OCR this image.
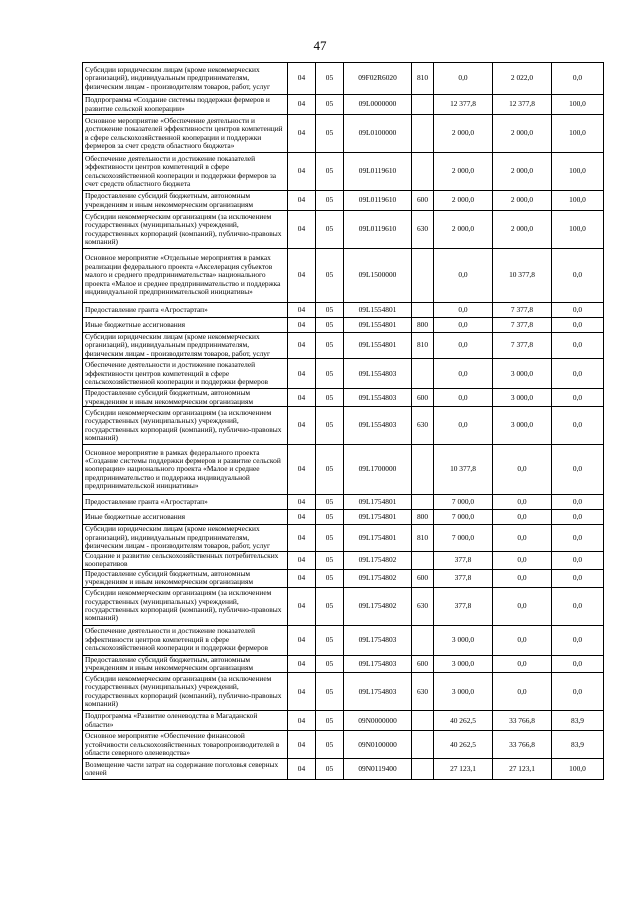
47
Субсидии юридическим лицам (кроме некоммерческих организаций), индивидуальным предпринимателям, физическим лицам - производителям товаров, работ, услуг	04	05	09F02R6020	810	0,0	2 022,0	0,0
Подпрограмма «Создание системы поддержки фермеров и развитие сельской кооперации»	04	05	09L0000000		12 377,8	12 377,8	100,0
Основное мероприятие «Обеспечение деятельности и достижение показателей эффективности центров компетенций в сфере сельскохозяйственной кооперации и поддержки фермеров за счет средств областного бюджета»	04	05	09L0100000		2 000,0	2 000,0	100,0
Обеспечение деятельности и достижение показателей эффективности центров компетенций в сфере сельскохозяйственной кооперации и поддержки фермеров за счет средств областного бюджета	04	05	09L0119610		2 000,0	2 000,0	100,0
Предоставление субсидий бюджетным, автономным учреждениям и иным некоммерческим организациям	04	05	09L0119610	600	2 000,0	2 000,0	100,0
Субсидии некоммерческим организациям (за исключением государственных (муниципальных) учреждений, государственных корпораций (компаний), публично-правовых компаний)	04	05	09L0119610	630	2 000,0	2 000,0	100,0
Основное мероприятие «Отдельные мероприятия в рамках реализации федерального проекта «Акселерация субъектов малого и среднего предпринимательства» национального проекта «Малое и среднее предпринимательство и поддержка индивидуальной предпринимательской инициативы»	04	05	09L1500000		0,0	10 377,8	0,0
Предоставление гранта «Агростартап»	04	05	09L1554801		0,0	7 377,8	0,0
Иные бюджетные ассигнования	04	05	09L1554801	800	0,0	7 377,8	0,0
Субсидии юридическим лицам (кроме некоммерческих организаций), индивидуальным предпринимателям, физическим лицам - производителям товаров, работ, услуг	04	05	09L1554801	810	0,0	7 377,8	0,0
Обеспечение деятельности и достижение показателей эффективности центров компетенций в сфере сельскохозяйственной кооперации и поддержки фермеров	04	05	09L1554803		0,0	3 000,0	0,0
Предоставление субсидий бюджетным, автономным учреждениям и иным некоммерческим организациям	04	05	09L1554803	600	0,0	3 000,0	0,0
Субсидии некоммерческим организациям (за исключением государственных (муниципальных) учреждений, государственных корпораций (компаний), публично-правовых компаний)	04	05	09L1554803	630	0,0	3 000,0	0,0
Основное мероприятие в рамках федерального проекта «Создание системы поддержки фермеров и развитие сельской кооперации» национального проекта «Малое и среднее предпринимательство и поддержка индивидуальной предпринимательской инициативы»	04	05	09L1700000		10 377,8	0,0	0,0
Предоставление гранта «Агростартап»	04	05	09L1754801		7 000,0	0,0	0,0
Иные бюджетные ассигнования	04	05	09L1754801	800	7 000,0	0,0	0,0
Субсидии юридическим лицам (кроме некоммерческих организаций), индивидуальным предпринимателям, физическим лицам - производителям товаров, работ, услуг	04	05	09L1754801	810	7 000,0	0,0	0,0
Создание и развитие сельскохозяйственных потребительских кооперативов	04	05	09L1754802		377,8	0,0	0,0
Предоставление субсидий бюджетным, автономным учреждениям и иным некоммерческим организациям	04	05	09L1754802	600	377,8	0,0	0,0
Субсидии некоммерческим организациям (за исключением государственных (муниципальных) учреждений, государственных корпораций (компаний), публично-правовых компаний)	04	05	09L1754802	630	377,8	0,0	0,0
Обеспечение деятельности и достижение показателей эффективности центров компетенций в сфере сельскохозяйственной кооперации и поддержки фермеров	04	05	09L1754803		3 000,0	0,0	0,0
Предоставление субсидий бюджетным, автономным учреждениям и иным некоммерческим организациям	04	05	09L1754803	600	3 000,0	0,0	0,0
Субсидии некоммерческим организациям (за исключением государственных (муниципальных) учреждений, государственных корпораций (компаний), публично-правовых компаний)	04	05	09L1754803	630	3 000,0	0,0	0,0
Подпрограмма «Развитие оленеводства в Магаданской области»	04	05	09N0000000		40 262,5	33 766,8	83,9
Основное мероприятие «Обеспечение финансовой устойчивости сельскохозяйственных товаропроизводителей в области северного оленеводства»	04	05	09N0100000		40 262,5	33 766,8	83,9
Возмещение части затрат на содержание поголовья северных оленей	04	05	09N0119400		27 123,1	27 123,1	100,0
